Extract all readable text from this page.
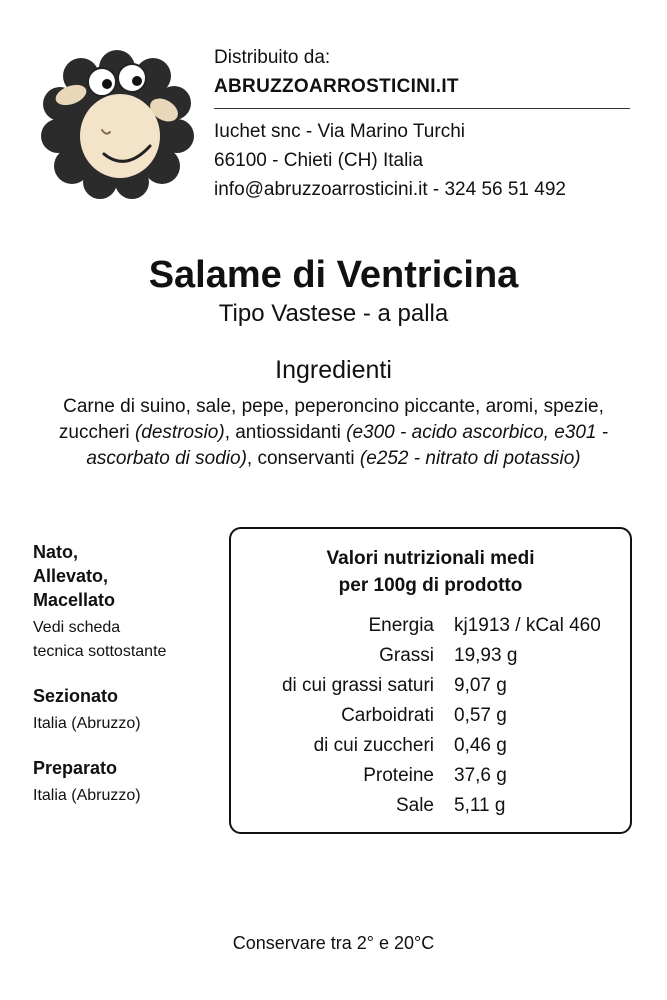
Distribuito da:
ABRUZZOARROSTICINI.IT
Iuchet snc - Via Marino Turchi
66100 - Chieti (CH) Italia
info@abruzzoarrosticini.it - 324 56 51 492
Salame di Ventricina
Tipo Vastese - a palla
Ingredienti
Carne di suino, sale, pepe, peperoncino piccante, aromi, spezie, zuccheri (destrosio), antiossidanti (e300 - acido ascorbico, e301 - ascorbato di sodio), conservanti (e252 - nitrato di potassio)
Nato,
Allevato,
Macellato
Vedi scheda
tecnica sottostante
Sezionato
Italia (Abruzzo)
Preparato
Italia (Abruzzo)
Valori nutrizionali medi
per 100g di prodotto
Energia	kj1913 / kCal 460
Grassi	19,93 g
di cui grassi saturi	9,07 g
Carboidrati	0,57 g
di cui zuccheri	0,46 g
Proteine	37,6 g
Sale	5,11 g
Conservare tra 2° e 20°C
